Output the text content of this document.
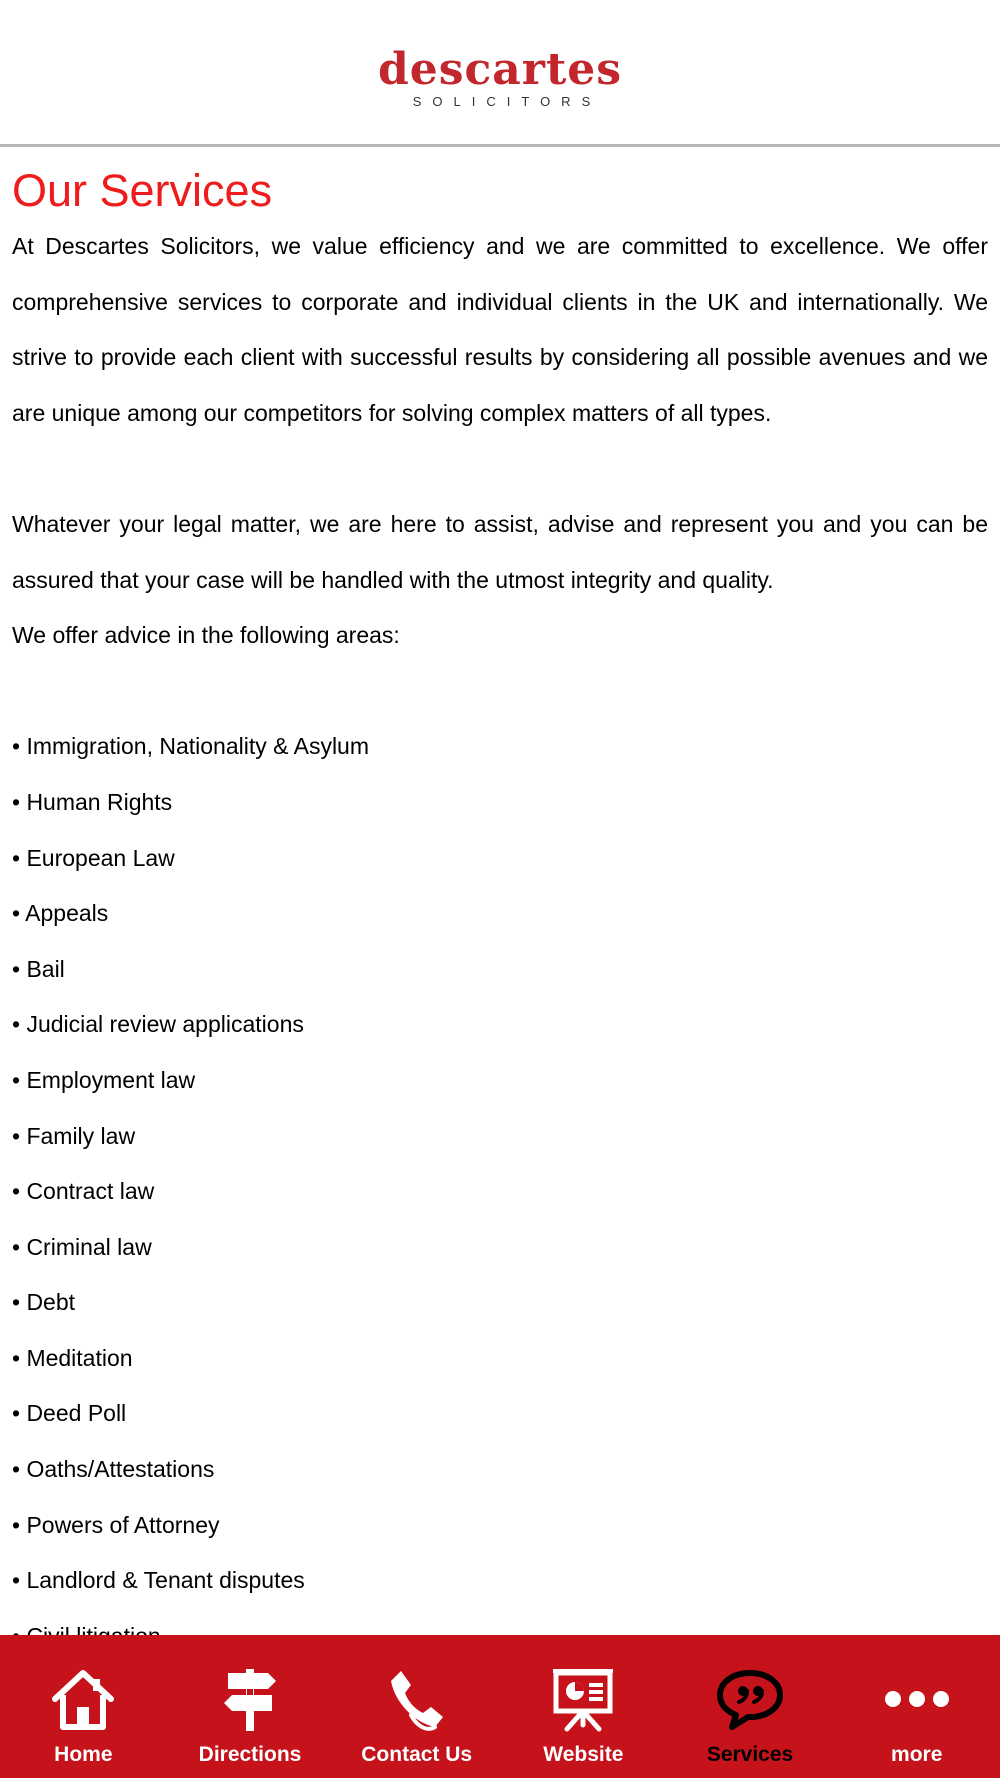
descartes
SOLICITORS
Our Services

At Descartes Solicitors, we value efficiency and we are committed to excellence. We offer comprehensive services to corporate and individual clients in the UK and internationally. We strive to provide each client with successful results by considering all possible avenues and we are unique among our competitors for solving complex matters of all types.

Whatever your legal matter, we are here to assist, advise and represent you and you can be assured that your case will be handled with the utmost integrity and quality.

We offer advice in the following areas:

• Immigration, Nationality & Asylum
• Human Rights
• European Law
• Appeals
• Bail
• Judicial review applications
• Employment law
• Family law
• Contract law
• Criminal law
• Debt
• Meditation
• Deed Poll
• Oaths/Attestations
• Powers of Attorney
• Landlord & Tenant disputes
Home	Directions	Contact Us	Website	Services	more
